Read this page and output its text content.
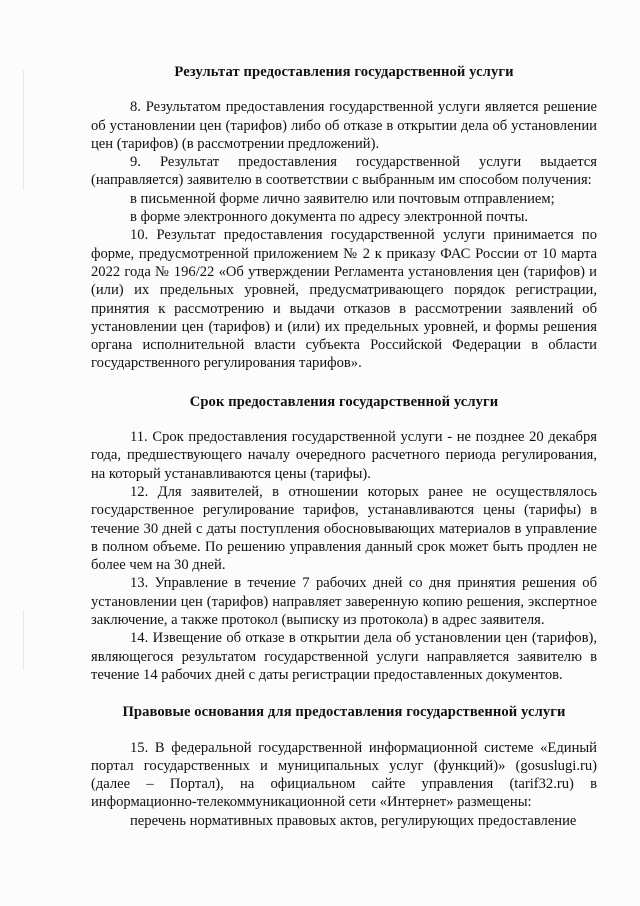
Результат предоставления государственной услуги

8. Результатом предоставления государственной услуги является решение об установлении цен (тарифов) либо об отказе в открытии дела об установлении цен (тарифов) (в рассмотрении предложений).

9. Результат предоставления государственной услуги выдается (направляется) заявителю в соответствии с выбранным им способом получения:

в письменной форме лично заявителю или почтовым отправлением;

в форме электронного документа по адресу электронной почты.

10. Результат предоставления государственной услуги принимается по форме, предусмотренной приложением № 2 к приказу ФАС России от 10 марта 2022 года № 196/22 «Об утверждении Регламента установления цен (тарифов) и (или) их предельных уровней, предусматривающего порядок регистрации, принятия к рассмотрению и выдачи отказов в рассмотрении заявлений об установлении цен (тарифов) и (или) их предельных уровней, и формы решения органа исполнительной власти субъекта Российской Федерации в области государственного регулирования тарифов».

Срок предоставления государственной услуги

11. Срок предоставления государственной услуги - не позднее 20 декабря года, предшествующего началу очередного расчетного периода регулирования, на который устанавливаются цены (тарифы).

12. Для заявителей, в отношении которых ранее не осуществлялось государственное регулирование тарифов, устанавливаются цены (тарифы) в течение 30 дней с даты поступления обосновывающих материалов в управление в полном объеме. По решению управления данный срок может быть продлен не более чем на 30 дней.

13. Управление в течение 7 рабочих дней со дня принятия решения об установлении цен (тарифов) направляет заверенную копию решения, экспертное заключение, а также протокол (выписку из протокола) в адрес заявителя.

14. Извещение об отказе в открытии дела об установлении цен (тарифов), являющегося результатом государственной услуги направляется заявителю в течение 14 рабочих дней с даты регистрации предоставленных документов.

Правовые основания для предоставления государственной услуги

15. В федеральной государственной информационной системе «Единый портал государственных и муниципальных услуг (функций)» (gosuslugi.ru) (далее – Портал), на официальном сайте управления (tarif32.ru) в информационно-телекоммуникационной сети «Интернет» размещены:

перечень нормативных правовых актов, регулирующих предоставление
